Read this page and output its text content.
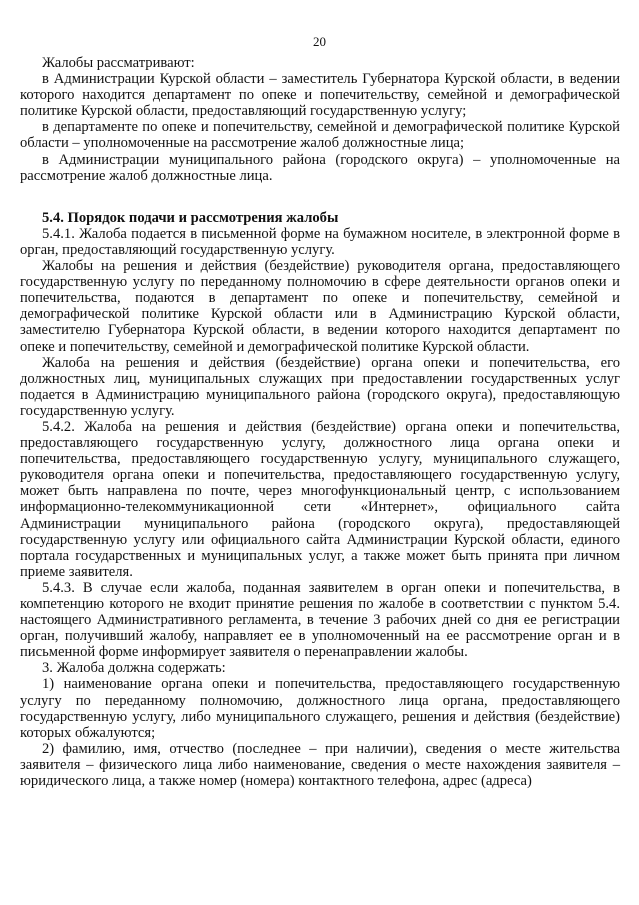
20

Жалобы рассматривают:

в Администрации Курской области – заместитель Губернатора Курской области, в ведении которого находится департамент по опеке и попечительству, семейной и демографической политике Курской области, предоставляющий государственную услугу;

в департаменте по опеке и попечительству, семейной и демографической политике Курской области – уполномоченные на рассмотрение жалоб должностные лица;

в Администрации муниципального района (городского округа) – уполномоченные на рассмотрение жалоб должностные лица.

5.4. Порядок подачи и рассмотрения жалобы

5.4.1. Жалоба подается в письменной форме на бумажном носителе, в электронной форме в орган, предоставляющий государственную услугу.

Жалобы на решения и действия (бездействие) руководителя органа, предоставляющего государственную услугу по переданному полномочию в сфере деятельности органов опеки и попечительства, подаются в департамент по опеке и попечительству, семейной и демографической политике Курской области или в Администрацию Курской области, заместителю Губернатора Курской области, в ведении которого находится департамент по опеке и попечительству, семейной и демографической политике Курской области.

Жалоба на решения и действия (бездействие) органа опеки и попечительства, его должностных лиц, муниципальных служащих при предоставлении государственных услуг подается в Администрацию муниципального района (городского округа), предоставляющую государственную услугу.

5.4.2. Жалоба на решения и действия (бездействие) органа опеки и попечительства, предоставляющего государственную услугу, должностного лица органа опеки и попечительства, предоставляющего государственную услугу, муниципального служащего, руководителя органа опеки и попечительства, предоставляющего государственную услугу, может быть направлена по почте, через многофункциональный центр, с использованием информационно-телекоммуникационной сети «Интернет», официального сайта Администрации муниципального района (городского округа), предоставляющей государственную услугу или официального сайта Администрации Курской области, единого портала государственных и муниципальных услуг, а также может быть принята при личном приеме заявителя.

5.4.3. В случае если жалоба, поданная заявителем в орган опеки и попечительства, в компетенцию которого не входит принятие решения по жалобе в соответствии с пунктом 5.4. настоящего Административного регламента, в течение 3 рабочих дней со дня ее регистрации орган, получивший жалобу, направляет ее в уполномоченный на ее рассмотрение орган и в письменной форме информирует заявителя о перенаправлении жалобы.

3. Жалоба должна содержать:

1) наименование органа опеки и попечительства, предоставляющего государственную услугу по переданному полномочию, должностного лица органа, предоставляющего государственную услугу, либо муниципального служащего, решения и действия (бездействие) которых обжалуются;

2) фамилию, имя, отчество (последнее – при наличии), сведения о месте жительства заявителя – физического лица либо наименование, сведения о месте нахождения заявителя – юридического лица, а также номер (номера) контактного телефона, адрес (адреса)
